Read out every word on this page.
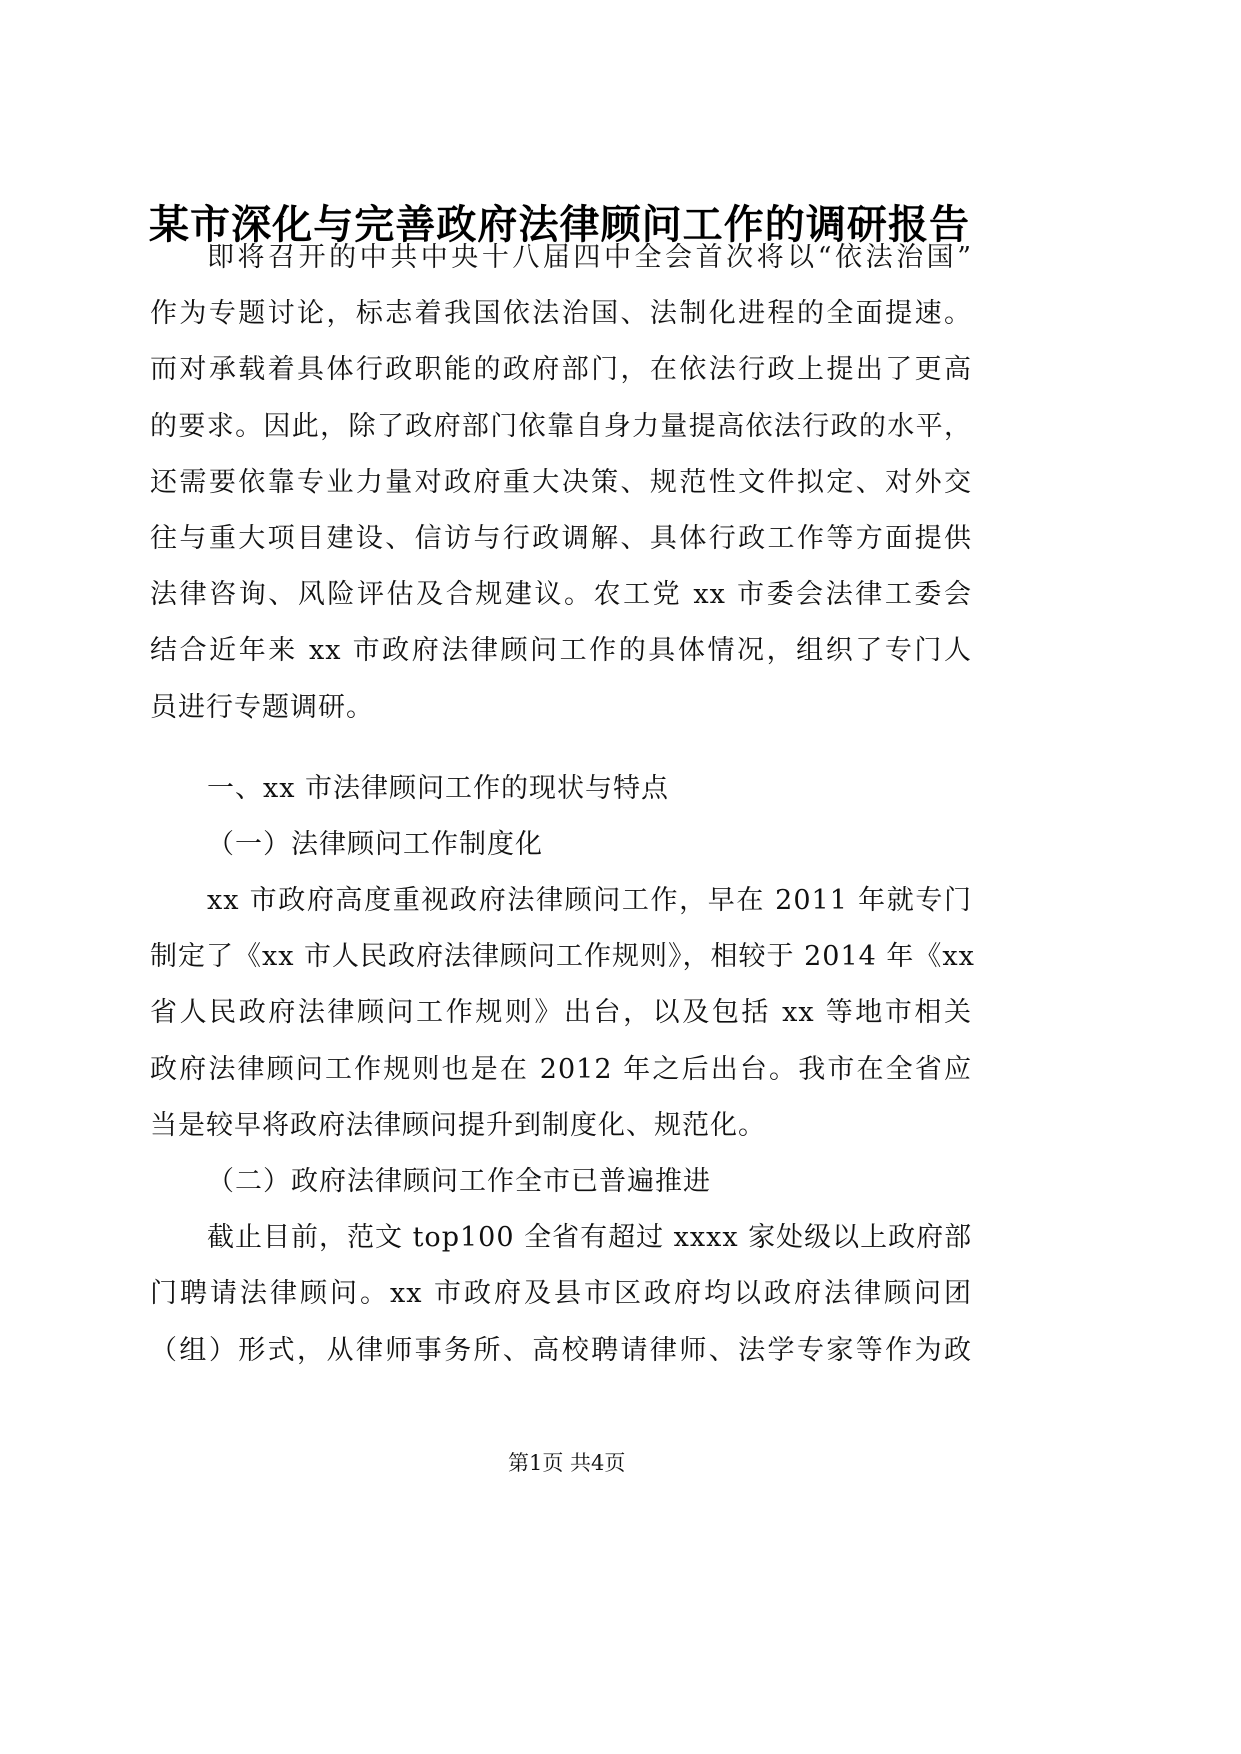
某市深化与完善政府法律顾问工作的调研报告
即将召开的中共中央十八届四中全会首次将以“依法治国”
作为专题讨论，标志着我国依法治国、法制化进程的全面提速。
而对承载着具体行政职能的政府部门，在依法行政上提出了更高
的要求。因此，除了政府部门依靠自身力量提高依法行政的水平，
还需要依靠专业力量对政府重大决策、规范性文件拟定、对外交
往与重大项目建设、信访与行政调解、具体行政工作等方面提供
法律咨询、风险评估及合规建议。农工党 xx 市委会法律工委会
结合近年来 xx 市政府法律顾问工作的具体情况，组织了专门人
员进行专题调研。
一、xx 市法律顾问工作的现状与特点
（一）法律顾问工作制度化
xx 市政府高度重视政府法律顾问工作，早在 2011 年就专门
制定了《xx 市人民政府法律顾问工作规则》，相较于 2014 年《xx
省人民政府法律顾问工作规则》出台，以及包括 xx 等地市相关
政府法律顾问工作规则也是在 2012 年之后出台。我市在全省应
当是较早将政府法律顾问提升到制度化、规范化。
（二）政府法律顾问工作全市已普遍推进
截止目前，范文 top100 全省有超过 xxxx 家处级以上政府部
门聘请法律顾问。xx 市政府及县市区政府均以政府法律顾问团
（组）形式，从律师事务所、高校聘请律师、法学专家等作为政
第1页 共4页
